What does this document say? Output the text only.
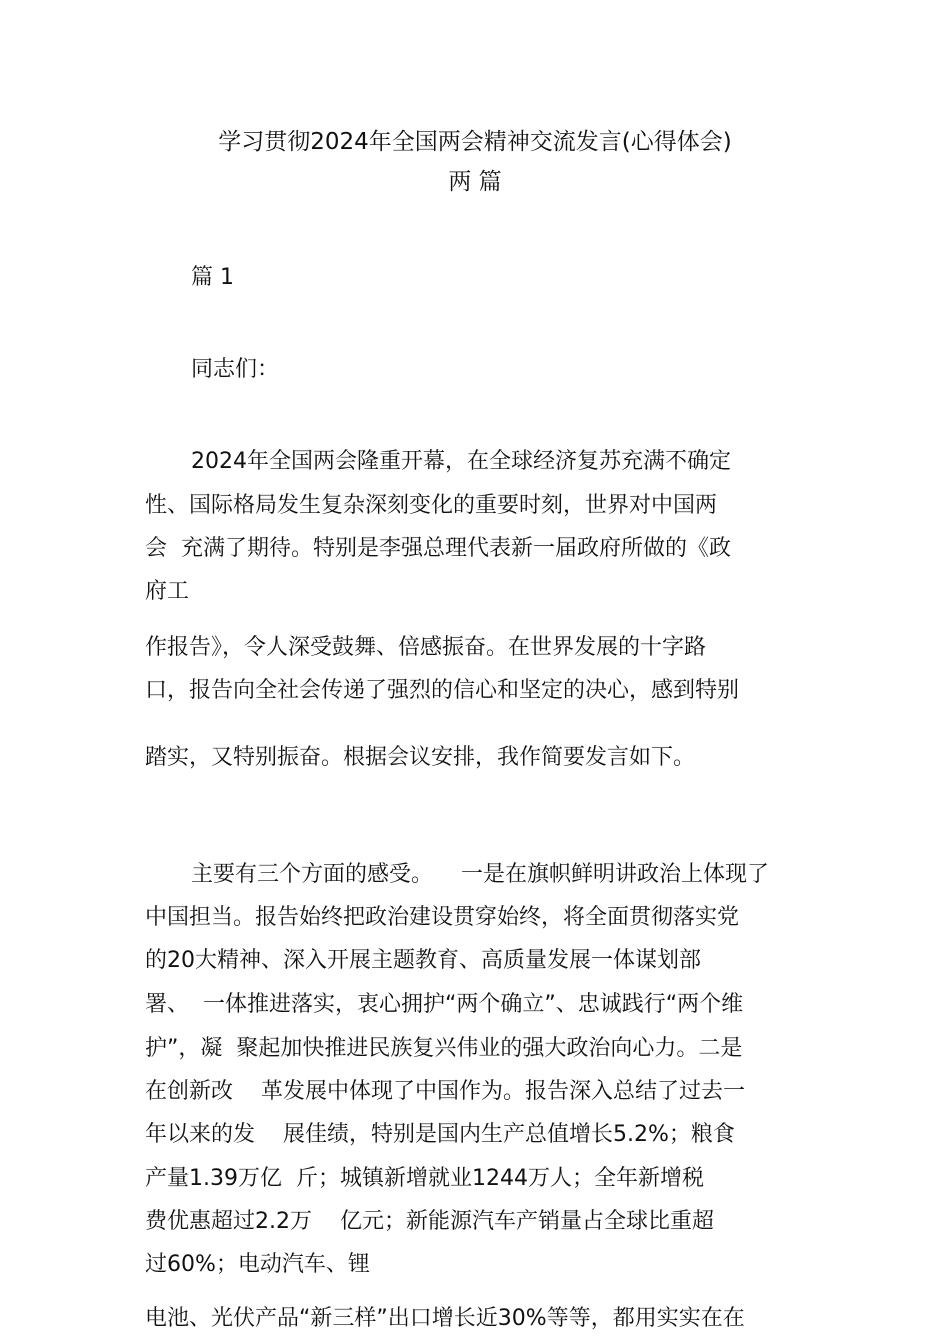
学习贯彻2024年全国两会精神交流发言(心得体会)
两 篇
篇 1
同志们：
2024年全国两会隆重开幕，在全球经济复苏充满不确定
性、国际格局发生复杂深刻变化的重要时刻，世界对中国两
会  充满了期待。特别是李强总理代表新一届政府所做的《政
府工
作报告》，令人深受鼓舞、倍感振奋。在世界发展的十字路
口，报告向全社会传递了强烈的信心和坚定的决心，感到特别
踏实，又特别振奋。根据会议安排，我作简要发言如下。
主要有三个方面的感受。    一是在旗帜鲜明讲政治上体现了
中国担当。报告始终把政治建设贯穿始终，将全面贯彻落实党
的20大精神、深入开展主题教育、高质量发展一体谋划部
署、  一体推进落实，衷心拥护“两个确立”、忠诚践行“两个维
护”，凝  聚起加快推进民族复兴伟业的强大政治向心力。二是
在创新改    革发展中体现了中国作为。报告深入总结了过去一
年以来的发    展佳绩，特别是国内生产总值增长5.2%；粮食
产量1.39万亿  斤；城镇新增就业1244万人；全年新增税
费优惠超过2.2万    亿元；新能源汽车产销量占全球比重超
过60%；电动汽车、锂
电池、光伏产品“新三样”出口增长近30%等等，都用实实在在
